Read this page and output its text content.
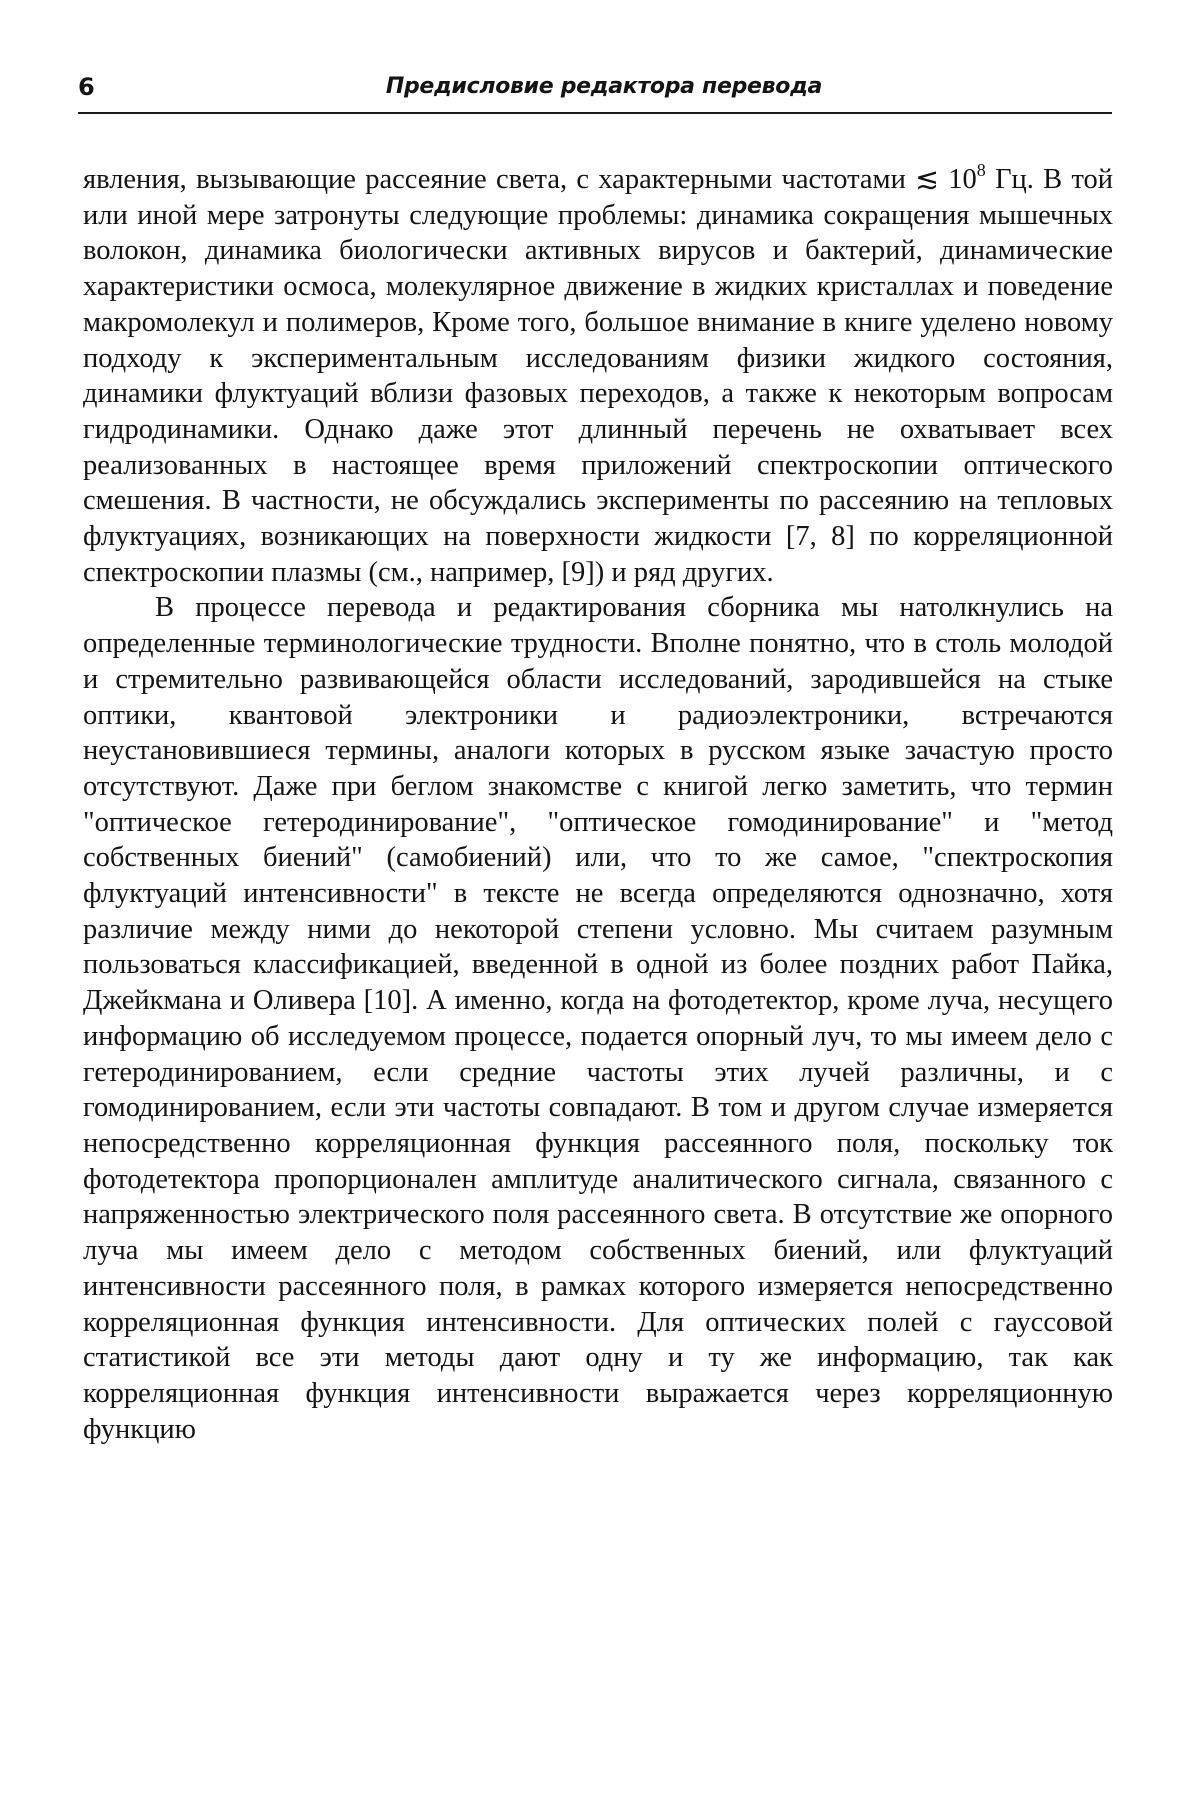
6	Предисловие редактора перевода

явления, вызывающие рассеяние света, с характерными частотами ≲ $10^8$ Гц. В той или иной мере затронуты следующие проблемы: динамика сокращения мышечных волокон, динамика биологически активных вирусов и бактерий, динамические характеристики осмоса, молекулярное движение в жидких кристаллах и поведение макромолекул и полимеров, Кроме того, большое внимание в книге уделено новому подходу к экспериментальным исследованиям физики жидкого состояния, динамики флуктуаций вблизи фазовых переходов, а также к некоторым вопросам гидродинамики. Однако даже этот длинный перечень не охватывает всех реализованных в настоящее время приложений спектроскопии оптического смешения. В частности, не обсуждались эксперименты по рассеянию на тепловых флуктуациях, возникающих на поверхности жидкости [7, 8] по корреляционной спектроскопии плазмы (см., например, [9]) и ряд других.

В процессе перевода и редактирования сборника мы натолкнулись на определенные терминологические трудности. Вполне понятно, что в столь молодой и стремительно развивающейся области исследований, зародившейся на стыке оптики, квантовой электроники и радиоэлектроники, встречаются неустановившиеся термины, аналоги которых в русском языке зачастую просто отсутствуют. Даже при беглом знакомстве с книгой легко заметить, что термин "оптическое гетеродинирование", "оптическое гомодинирование" и "метод собственных биений" (самобиений) или, что то же самое, "спектроскопия флуктуаций интенсивности" в тексте не всегда определяются однозначно, хотя различие между ними до некоторой степени условно. Мы считаем разумным пользоваться классификацией, введенной в одной из более поздних работ Пайка, Джейкмана и Оливера [10]. А именно, когда на фотодетектор, кроме луча, несущего информацию об исследуемом процессе, подается опорный луч, то мы имеем дело с гетеродинированием, если средние частоты этих лучей различны, и с гомодинированием, если эти частоты совпадают. В том и другом случае измеряется непосредственно корреляционная функция рассеянного поля, поскольку ток фотодетектора пропорционален амплитуде аналитического сигнала, связанного с напряженностью электрического поля рассеянного света. В отсутствие же опорного луча мы имеем дело с методом собственных биений, или флуктуаций интенсивности рассеянного поля, в рамках которого измеряется непосредственно корреляционная функция интенсивности. Для оптических полей с гауссовой статистикой все эти методы дают одну и ту же информацию, так как корреляционная функция интенсивности выражается через корреляционную функцию
